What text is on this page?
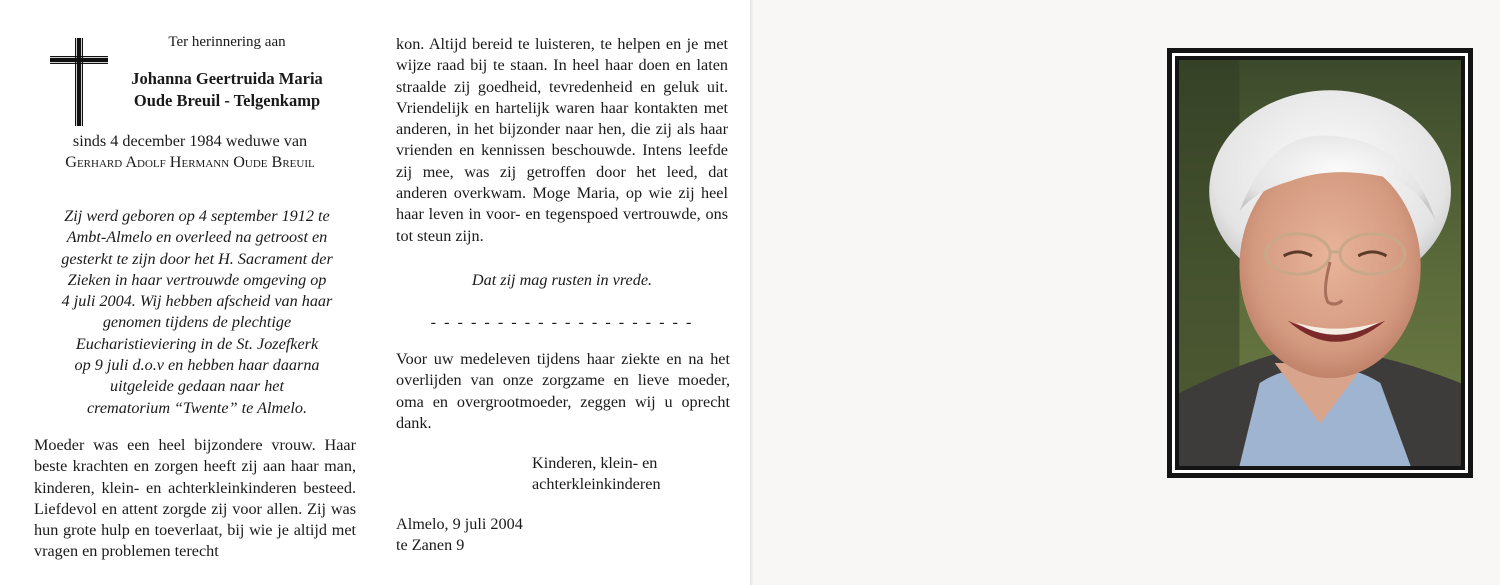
Ter herinnering aan
Johanna Geertruida Maria
Oude Breuil - Telgenkamp
sinds 4 december 1984 weduwe van
Gerhard Adolf Hermann Oude Breuil
Zij werd geboren op 4 september 1912 te
Ambt-Almelo en overleed na getroost en
gesterkt te zijn door het H. Sacrament der
Zieken in haar vertrouwde omgeving op
4 juli 2004. Wij hebben afscheid van haar
genomen tijdens de plechtige
Eucharistieviering in de St. Jozefkerk
op 9 juli d.o.v en hebben haar daarna
uitgeleide gedaan naar het
crematorium “Twente” te Almelo.

Moeder was een heel bijzondere vrouw. Haar beste krachten en zorgen heeft zij aan haar man, kinderen, klein- en achterkleinkinderen besteed. Liefdevol en attent zorgde zij voor allen. Zij was hun grote hulp en toeverlaat, bij wie je altijd met vragen en problemen terecht

kon. Altijd bereid te luisteren, te helpen en je met wijze raad bij te staan. In heel haar doen en laten straalde zij goedheid, tevredenheid en geluk uit. Vriendelijk en hartelijk waren haar kontakten met anderen, in het bijzonder naar hen, die zij als haar vrienden en kennissen beschouwde. Intens leefde zij mee, was zij getroffen door het leed, dat anderen overkwam. Moge Maria, op wie zij heel haar leven in voor- en tegenspoed vertrouwde, ons tot steun zijn.

Dat zij mag rusten in vrede.
- - - - - - - - - - - - - - - - - - - -

Voor uw medeleven tijdens haar ziekte en na het overlijden van onze zorgzame en lieve moeder, oma en overgrootmoeder, zeggen wij u oprecht dank.

Kinderen, klein- en
achterkleinkinderen
Almelo, 9 juli 2004
te Zanen 9
